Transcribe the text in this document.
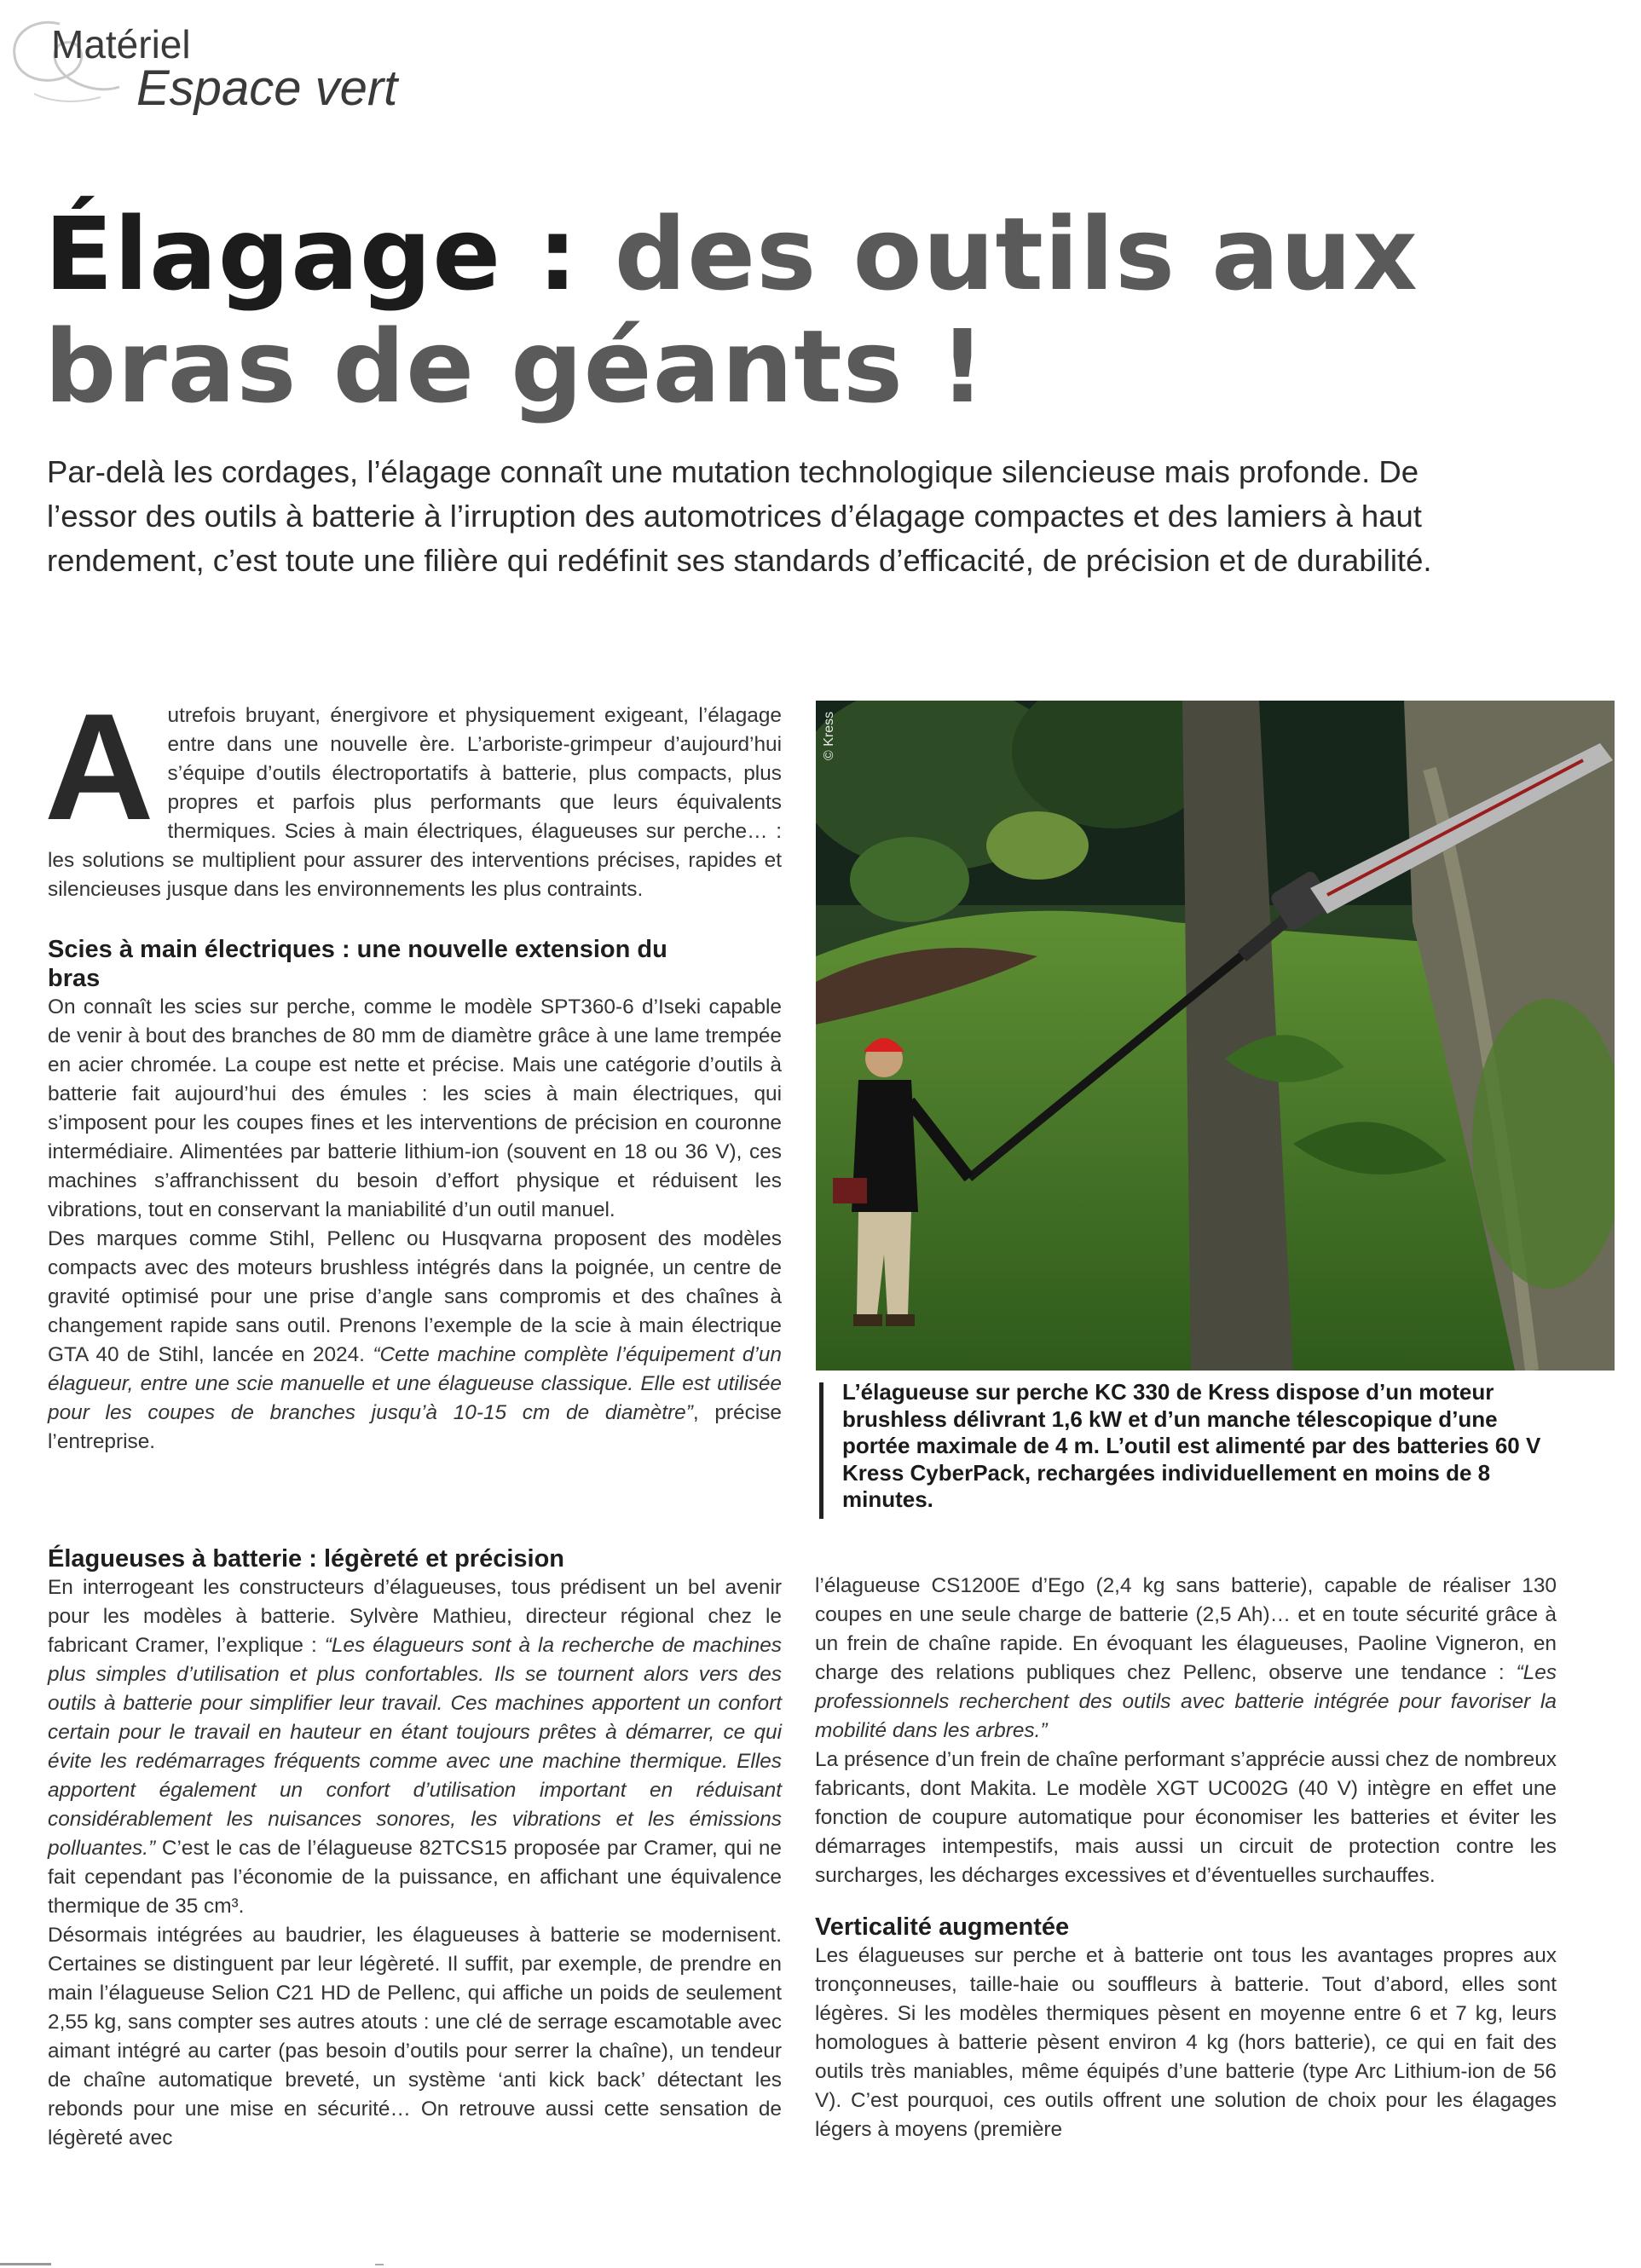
Matériel
Espace vert
Élagage : des outils aux bras de géants !

Par-delà les cordages, l’élagage connaît une mutation technologique silencieuse mais profonde. De l’essor des outils à batterie à l’irruption des automotrices d’élagage compactes et des lamiers à haut rendement, c’est toute une filière qui redéfinit ses standards d’efficacité, de précision et de durabilité.

Autrefois bruyant, énergivore et physiquement exigeant, l’élagage entre dans une nouvelle ère. L’arboriste-grimpeur d’aujourd’hui s’équipe d’outils électroportatifs à batterie, plus compacts, plus propres et parfois plus performants que leurs équivalents thermiques. Scies à main électriques, élagueuses sur perche… : les solutions se multiplient pour assurer des interventions précises, rapides et silencieuses jusque dans les environnements les plus contraints.

Scies à main électriques : une nouvelle extension du bras

On connaît les scies sur perche, comme le modèle SPT360-6 d’Iseki capable de venir à bout des branches de 80 mm de diamètre grâce à une lame trempée en acier chromée. La coupe est nette et précise. Mais une catégorie d’outils à batterie fait aujourd’hui des émules : les scies à main électriques, qui s’imposent pour les coupes fines et les interventions de précision en couronne intermédiaire. Alimentées par batterie lithium-ion (souvent en 18 ou 36 V), ces machines s’affranchissent du besoin d’effort physique et réduisent les vibrations, tout en conservant la maniabilité d’un outil manuel.

Des marques comme Stihl, Pellenc ou Husqvarna proposent des modèles compacts avec des moteurs brushless intégrés dans la poignée, un centre de gravité optimisé pour une prise d’angle sans compromis et des chaînes à changement rapide sans outil. Prenons l’exemple de la scie à main électrique GTA 40 de Stihl, lancée en 2024. “Cette machine complète l’équipement d’un élagueur, entre une scie manuelle et une élagueuse classique. Elle est utilisée pour les coupes de branches jusqu’à 10-15 cm de diamètre”, précise l’entreprise.

© Kress

L’élagueuse sur perche KC 330 de Kress dispose d’un moteur brushless délivrant 1,6 kW et d’un manche télescopique d’une portée maximale de 4 m. L’outil est alimenté par des batteries 60 V Kress CyberPack, rechargées individuellement en moins de 8 minutes.

Élagueuses à batterie : légèreté et précision

En interrogeant les constructeurs d’élagueuses, tous prédisent un bel avenir pour les modèles à batterie. Sylvère Mathieu, directeur régional chez le fabricant Cramer, l’explique : “Les élagueurs sont à la recherche de machines plus simples d’utilisation et plus confortables. Ils se tournent alors vers des outils à batterie pour simplifier leur travail. Ces machines apportent un confort certain pour le travail en hauteur en étant toujours prêtes à démarrer, ce qui évite les redémarrages fréquents comme avec une machine thermique. Elles apportent également un confort d’utilisation important en réduisant considérablement les nuisances sonores, les vibrations et les émissions polluantes.” C’est le cas de l’élagueuse 82TCS15 proposée par Cramer, qui ne fait cependant pas l’économie de la puissance, en affichant une équivalence thermique de 35 cm³.

Désormais intégrées au baudrier, les élagueuses à batterie se modernisent. Certaines se distinguent par leur légèreté. Il suffit, par exemple, de prendre en main l’élagueuse Selion C21 HD de Pellenc, qui affiche un poids de seulement 2,55 kg, sans compter ses autres atouts : une clé de serrage escamotable avec aimant intégré au carter (pas besoin d’outils pour serrer la chaîne), un tendeur de chaîne automatique breveté, un système ‘anti kick back’ détectant les rebonds pour une mise en sécurité… On retrouve aussi cette sensation de légèreté avec

l’élagueuse CS1200E d’Ego (2,4 kg sans batterie), capable de réaliser 130 coupes en une seule charge de batterie (2,5 Ah)… et en toute sécurité grâce à un frein de chaîne rapide. En évoquant les élagueuses, Paoline Vigneron, en charge des relations publiques chez Pellenc, observe une tendance : “Les professionnels recherchent des outils avec batterie intégrée pour favoriser la mobilité dans les arbres.”

La présence d’un frein de chaîne performant s’apprécie aussi chez de nombreux fabricants, dont Makita. Le modèle XGT UC002G (40 V) intègre en effet une fonction de coupure automatique pour économiser les batteries et éviter les démarrages intempestifs, mais aussi un circuit de protection contre les surcharges, les décharges excessives et d’éventuelles surchauffes.

Verticalité augmentée

Les élagueuses sur perche et à batterie ont tous les avantages propres aux tronçonneuses, taille-haie ou souffleurs à batterie. Tout d’abord, elles sont légères. Si les modèles thermiques pèsent en moyenne entre 6 et 7 kg, leurs homologues à batterie pèsent environ 4 kg (hors batterie), ce qui en fait des outils très maniables, même équipés d’une batterie (type Arc Lithium-ion de 56 V). C’est pourquoi, ces outils offrent une solution de choix pour les élagages légers à moyens (première
